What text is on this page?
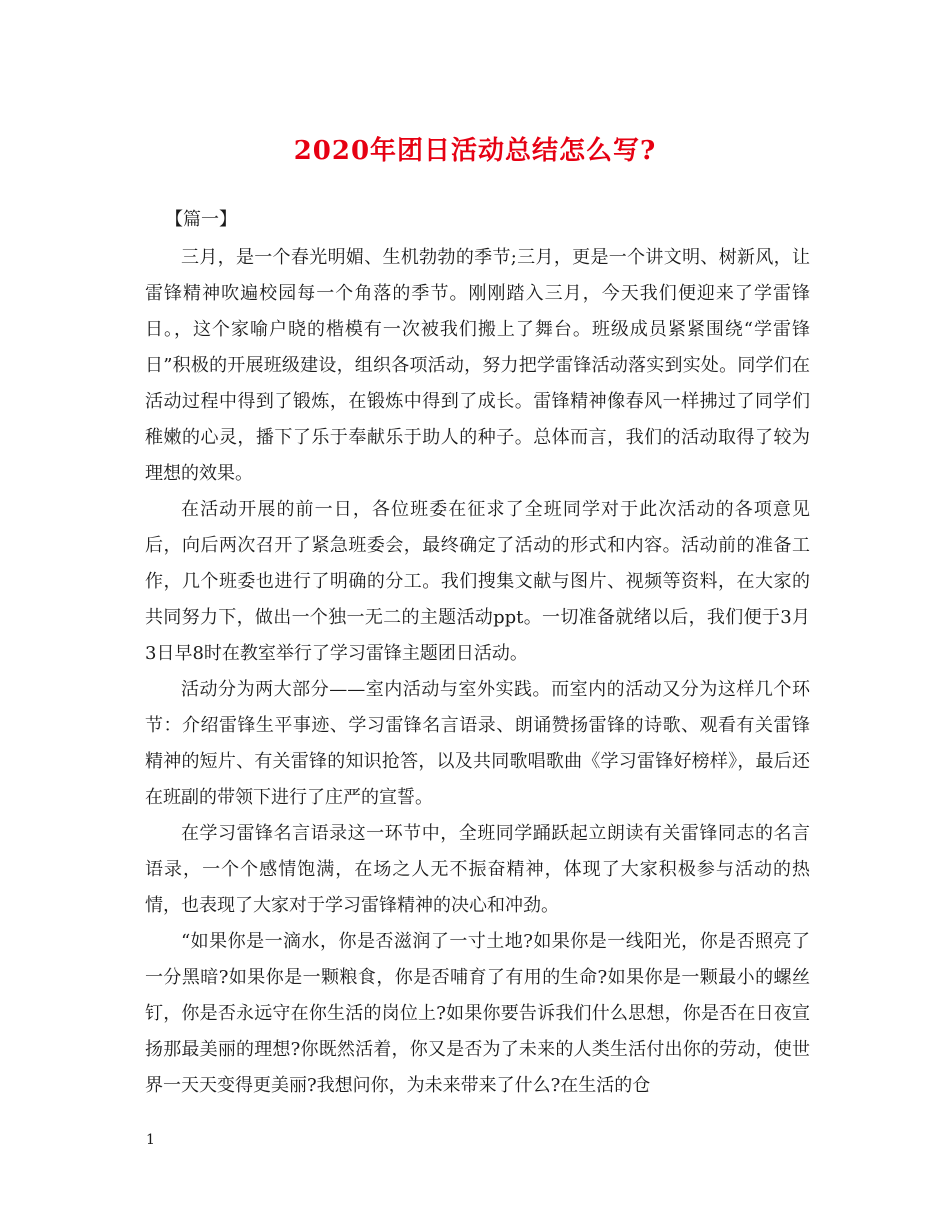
2020年团日活动总结怎么写?
【篇一】

三月，是一个春光明媚、生机勃勃的季节;三月，更是一个讲文明、树新风，让雷锋精神吹遍校园每一个角落的季节。刚刚踏入三月，今天我们便迎来了学雷锋日。，这个家喻户晓的楷模有一次被我们搬上了舞台。班级成员紧紧围绕“学雷锋日”积极的开展班级建设，组织各项活动，努力把学雷锋活动落实到实处。同学们在活动过程中得到了锻炼，在锻炼中得到了成长。雷锋精神像春风一样拂过了同学们稚嫩的心灵，播下了乐于奉献乐于助人的种子。总体而言，我们的活动取得了较为理想的效果。

在活动开展的前一日，各位班委在征求了全班同学对于此次活动的各项意见后，向后两次召开了紧急班委会，最终确定了活动的形式和内容。活动前的准备工作，几个班委也进行了明确的分工。我们搜集文献与图片、视频等资料，在大家的共同努力下，做出一个独一无二的主题活动ppt。一切准备就绪以后，我们便于3月3日早8时在教室举行了学习雷锋主题团日活动。

活动分为两大部分——室内活动与室外实践。而室内的活动又分为这样几个环节：介绍雷锋生平事迹、学习雷锋名言语录、朗诵赞扬雷锋的诗歌、观看有关雷锋精神的短片、有关雷锋的知识抢答，以及共同歌唱歌曲《学习雷锋好榜样》，最后还在班副的带领下进行了庄严的宣誓。

在学习雷锋名言语录这一环节中，全班同学踊跃起立朗读有关雷锋同志的名言语录，一个个感情饱满，在场之人无不振奋精神，体现了大家积极参与活动的热情，也表现了大家对于学习雷锋精神的决心和冲劲。

“如果你是一滴水，你是否滋润了一寸土地?如果你是一线阳光，你是否照亮了一分黑暗?如果你是一颗粮食，你是否哺育了有用的生命?如果你是一颗最小的螺丝钉，你是否永远守在你生活的岗位上?如果你要告诉我们什么思想，你是否在日夜宣扬那最美丽的理想?你既然活着，你又是否为了未来的人类生活付出你的劳动，使世界一天天变得更美丽?我想问你，为未来带来了什么?在生活的仓

1
